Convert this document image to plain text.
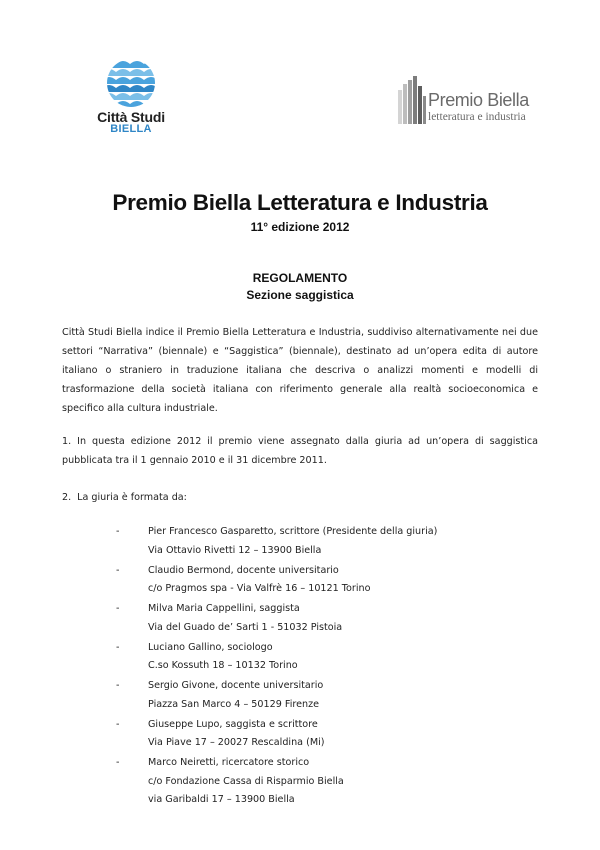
Città Studi
BIELLA
Premio Biella
letteratura e industria
Premio Biella Letteratura e Industria
11° edizione 2012
REGOLAMENTO
Sezione saggistica
Città Studi Biella indice il Premio Biella Letteratura e Industria, suddiviso alternativamente nei due settori “Narrativa” (biennale) e “Saggistica” (biennale), destinato ad un’opera edita di autore italiano o straniero in traduzione italiana che descriva o analizzi momenti e modelli di trasformazione della società italiana con riferimento generale alla realtà socioeconomica e specifico alla cultura industriale.
1. In questa edizione 2012 il premio viene assegnato dalla giuria ad un’opera di saggistica pubblicata tra il 1 gennaio 2010 e il 31 dicembre 2011.
2. La giuria è formata da:
-	Pier Francesco Gasparetto, scrittore (Presidente della giuria)
Via Ottavio Rivetti 12 – 13900 Biella
-	Claudio Bermond, docente universitario
c/o Pragmos spa - Via Valfrè 16 – 10121 Torino
-	Milva Maria Cappellini, saggista
Via del Guado de’ Sarti 1 - 51032 Pistoia
-	Luciano Gallino, sociologo
C.so Kossuth 18 – 10132 Torino
-	Sergio Givone, docente universitario
Piazza San Marco 4 – 50129 Firenze
-	Giuseppe Lupo, saggista e scrittore
Via Piave 17 – 20027 Rescaldina (Mi)
-	Marco Neiretti, ricercatore storico
c/o Fondazione Cassa di Risparmio Biella
via Garibaldi 17 – 13900 Biella
